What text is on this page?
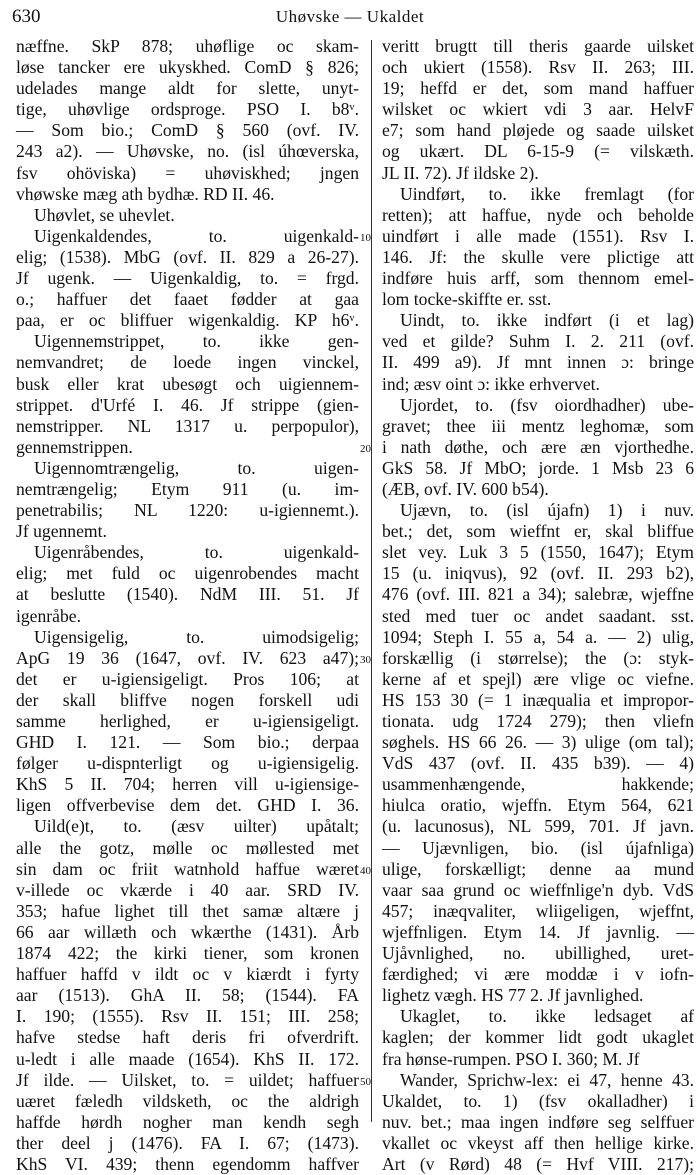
630	Uhøvske — Ukaldet
næffne. SkP 878; uhøflige oc skam-
løse tancker ere ukyskhed. ComD § 826;
udelades mange aldt for slette, unyt-
tige, uhøvlige ordsproge. PSO I. b8ᵛ.
— Som bio.; ComD § 560 (ovf. IV.
243 a2). — Uhøvske, no. (isl úhœverska,
fsv ohöviska) = uhøviskhed; jngen
vhøwske mæg ath bydhæ. RD II. 46.
Uhøvlet, se uhevlet.
Uigenkaldendes, to. uigenkald-
elig; (1538). MbG (ovf. II. 829 a 26-27).
Jf ugenk. — Uigenkaldig, to. = frgd.
o.; haffuer det faaet fødder at gaa
paa, er oc bliffuer wigenkaldig. KP h6ᵛ.
Uigennemstrippet, to. ikke gen-
nemvandret; de loede ingen vinckel,
busk eller krat ubesøgt och uigiennem-
strippet. d'Urfé I. 46. Jf strippe (gien-
nemstripper. NL 1317 u. perpopulor),
gennemstrippen.
Uigennomtrængelig, to. uigen-
nemtrængelig; Etym 911 (u. im-
penetrabilis; NL 1220: u-igiennemt.).
Jf ugennemt.
Uigenråbendes, to. uigenkald-
elig; met fuld oc uigenrobendes macht
at beslutte (1540). NdM III. 51. Jf
igenråbe.
Uigensigelig, to. uimodsigelig;
ApG 19 36 (1647, ovf. IV. 623 a47);
det er u-igiensigeligt. Pros 106; at
der skall bliffve nogen forskell udi
samme herlighed, er u-igiensigeligt.
GHD I. 121. — Som bio.; derpaa
følger u-dispnterligt og u-igiensigelig.
KhS 5 II. 704; herren vill u-igiensige-
ligen offverbevise dem det. GHD I. 36.
Uild(e)t, to. (æsv uilter) upåtalt;
alle the gotz, mølle oc møllested met
sin dam oc friit watnhold haffue wæret
v-illede oc vkærde i 40 aar. SRD IV.
353; hafue lighet till thet samæ altære j
66 aar willæth och wkærthe (1431). Årb
1874 422; the kirki tiener, som kronen
haffuer haffd v ildt oc v kiærdt i fyrty
aar (1513). GhA II. 58; (1544). FA
I. 190; (1555). Rsv II. 151; III. 258;
hafve stedse haft deris fri ofverdrift.
u-ledt i alle maade (1654). KhS II. 172.
Jf ilde. — Uilsket, to. = uildet; haffuer
uæret fæledh vildsketh, oc the aldrigh
haffde hørdh nogher man kendh segh
ther deel j (1476). FA I. 67; (1473).
KhS VI. 439; thenn egendomm haffver
10
20
30
40
50
veritt brugtt till theris gaarde uilsket
och ukiert (1558). Rsv II. 263; III.
19; heffd er det, som mand haffuer
wilsket oc wkiert vdi 3 aar. HelvF
e7; som hand pløjede og saade uilsket
og ukært. DL 6-15-9 (= vilskæth.
JL II. 72). Jf ildske 2).
Uindført, to. ikke fremlagt (for
retten); att haffue, nyde och beholde
uindført i alle made (1551). Rsv I.
146. Jf: the skulle vere plictige att
indføre huis arff, som thennom emel-
lom tocke-skiffte er. sst.
Uindt, to. ikke indført (i et lag)
ved et gilde? Suhm I. 2. 211 (ovf.
II. 499 a9). Jf mnt innen ɔ: bringe
ind; æsv oint ɔ: ikke erhvervet.
Ujordet, to. (fsv oiordhadher) ube-
gravet; thee iii mentz leghomæ, som
i nath døthe, och ære æn vjorthedhe.
GkS 58. Jf MbO; jorde. 1 Msb 23 6
(ÆB, ovf. IV. 600 b54).
Ujævn, to. (isl újafn) 1) i nuv.
bet.; det, som wieffnt er, skal bliffue
slet vey. Luk 3 5 (1550, 1647); Etym
15 (u. iniqvus), 92 (ovf. II. 293 b2),
476 (ovf. III. 821 a 34); salebræ, wjeffne
sted med tuer oc andet saadant. sst.
1094; Steph I. 55 a, 54 a. — 2) ulig,
forskællig (i størrelse); the (ɔ: styk-
kerne af et spejl) ære vlige oc viefne.
HS 153 30 (= 1 inæqualia et impropor-
tionata. udg 1724 279); then vliefn
søghels. HS 66 26. — 3) ulige (om tal);
VdS 437 (ovf. II. 435 b39). — 4)
usammenhængende, hakkende;
hiulca oratio, wjeffn. Etym 564, 621
(u. lacunosus), NL 599, 701. Jf javn.
— Ujævnligen, bio. (isl újafnliga)
ulige, forskælligt; denne aa mund
vaar saa grund oc wieffnlige'n dyb. VdS
457; inæqvaliter, wliigeligen, wjeffnt,
wjeffnligen. Etym 14. Jf javnlig. —
Ujåvnlighed, no. ubillighed, uret-
færdighed; vi ære moddæ i v iofn-
lighetz vægh. HS 77 2. Jf javnlighed.
Ukaglet, to. ikke ledsaget af
kaglen; der kommer lidt godt ukaglet
fra hønse-rumpen. PSO I. 360; M. Jf
Wander, Sprichw-lex: ei 47, henne 43.
Ukaldet, to. 1) (fsv okalladher) i
nuv. bet.; maa ingen indføre seg selffuer
vkallet oc vkeyst aff then hellige kirke.
Art (v Rørd) 48 (= Hvf VIII. 217);
